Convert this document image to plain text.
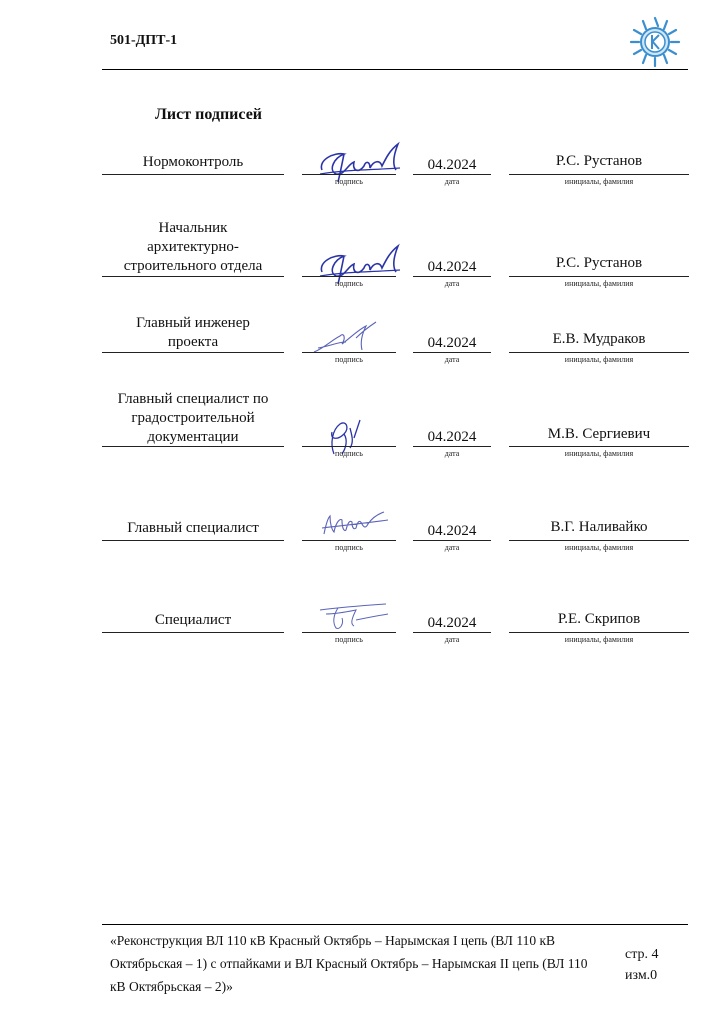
501-ДПТ-1
Лист подписей
Нормоконтроль
подпись
04.2024
дата
Р.С. Рустанов
инициалы, фамилия
Начальник
архитектурно-
строительного отдела
подпись
04.2024
дата
Р.С. Рустанов
инициалы, фамилия
Главный инженер
проекта
подпись
04.2024
дата
Е.В. Мудраков
инициалы, фамилия
Главный специалист по
градостроительной
документации
подпись
04.2024
дата
М.В. Сергиевич
инициалы, фамилия
Главный специалист
подпись
04.2024
дата
В.Г. Наливайко
инициалы, фамилия
Специалист
подпись
04.2024
дата
Р.Е. Скрипов
инициалы, фамилия
«Реконструкция ВЛ 110 кВ Красный Октябрь – Нарымская I цепь (ВЛ 110 кВ Октябрьская – 1) с отпайками и ВЛ Красный Октябрь – Нарымская II цепь (ВЛ 110 кВ Октябрьская – 2)»
стр. 4
изм.0
